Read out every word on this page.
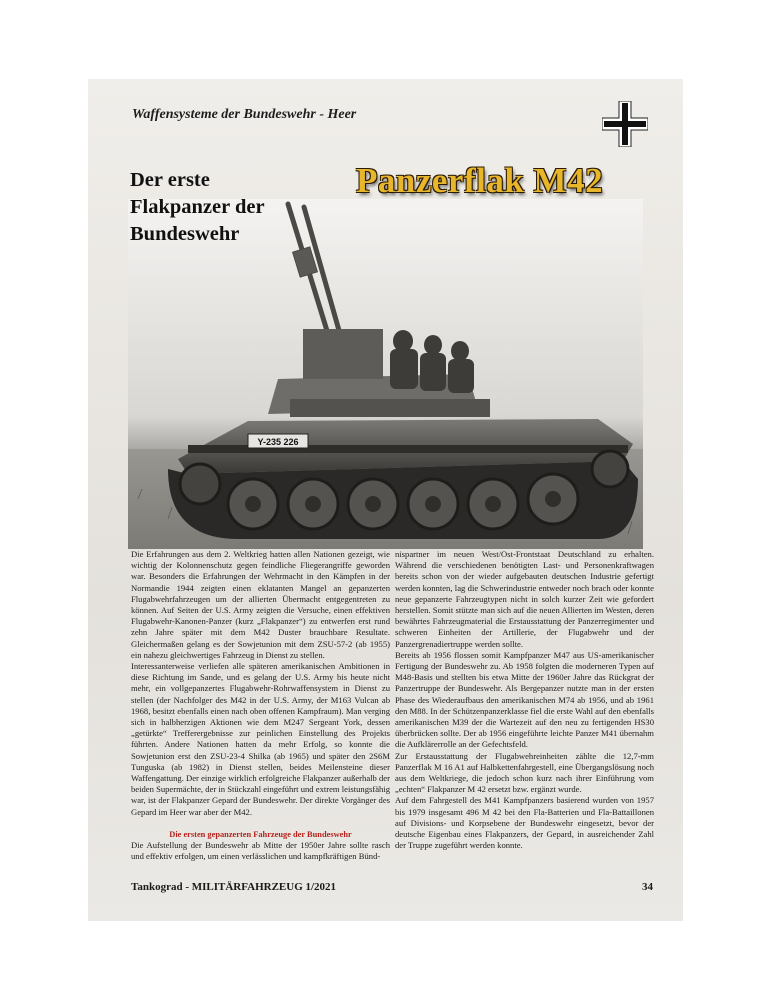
Waffensysteme der Bundeswehr - Heer
Y-235 226
Der erste
Flakpanzer der
Bundeswehr
Panzerflak M42

Die Erfahrungen aus dem 2. Weltkrieg hatten allen Nationen gezeigt, wie wichtig der Kolonnenschutz gegen feindliche Fliegerangriffe geworden war. Besonders die Erfahrungen der Wehrmacht in den Kämpfen in der Normandie 1944 zeigten einen eklatanten Mangel an gepanzerten Flugabwehrfahrzeugen um der allierten Übermacht entgegentreten zu können. Auf Seiten der U.S. Army zeigten die Versuche, einen effektiven Flugabwehr-Kanonen-Panzer (kurz „Flakpanzer“) zu entwerfen erst rund zehn Jahre später mit dem M42 Duster brauchbare Resultate. Gleichermaßen gelang es der Sowjetunion mit dem ZSU-57-2 (ab 1955) ein nahezu gleichwertiges Fahrzeug in Dienst zu stellen.

Interessanterweise verliefen alle späteren amerikanischen Ambitionen in diese Richtung im Sande, und es gelang der U.S. Army bis heute nicht mehr, ein vollgepanzertes Flugabwehr-Rohrwaffensystem in Dienst zu stellen (der Nachfolger des M42 in der U.S. Army, der M163 Vulcan ab 1968, besitzt ebenfalls einen nach oben offenen Kampfraum). Man verging sich in halbherzigen Aktionen wie dem M247 Sergeant York, dessen „getürkte“ Trefferergebnisse zur peinlichen Einstellung des Projekts führten. Andere Nationen hatten da mehr Erfolg, so konnte die Sowjetunion erst den ZSU-23-4 Shilka (ab 1965) und später den 2S6M Tunguska (ab 1982) in Dienst stellen, beides Meilensteine dieser Waffengattung. Der einzige wirklich erfolgreiche Flakpanzer außerhalb der beiden Supermächte, der in Stückzahl eingeführt und extrem leistungsfähig war, ist der Flakpanzer Gepard der Bundeswehr. Der direkte Vorgänger des Gepard im Heer war aber der M42.

Die ersten gepanzerten Fahrzeuge der Bundeswehr

Die Aufstellung der Bundeswehr ab Mitte der 1950er Jahre sollte rasch und effektiv erfolgen, um einen verlässlichen und kampfkräftigen Bünd-

nispartner im neuen West/Ost-Frontstaat Deutschland zu erhalten. Während die verschiedenen benötigten Last- und Personenkraftwagen bereits schon von der wieder aufgebauten deutschen Industrie gefertigt werden konnten, lag die Schwerindustrie entweder noch brach oder konnte neue gepanzerte Fahrzeugtypen nicht in solch kurzer Zeit wie gefordert herstellen. Somit stützte man sich auf die neuen Allierten im Westen, deren bewährtes Fahrzeugmaterial die Erstausstattung der Panzerregimenter und schweren Einheiten der Artillerie, der Flugabwehr und der Panzergrenadiertruppe werden sollte.

Bereits ab 1956 flossen somit Kampfpanzer M47 aus US-amerikanischer Fertigung der Bundeswehr zu. Ab 1958 folgten die moderneren Typen auf M48-Basis und stellten bis etwa Mitte der 1960er Jahre das Rückgrat der Panzertruppe der Bundeswehr. Als Bergepanzer nutzte man in der ersten Phase des Wiederaufbaus den amerikanischen M74 ab 1956, und ab 1961 den M88. In der Schützenpanzerklasse fiel die erste Wahl auf den ebenfalls amerikanischen M39 der die Wartezeit auf den neu zu fertigenden HS30 überbrücken sollte. Der ab 1956 eingeführte leichte Panzer M41 übernahm die Aufklärerrolle an der Gefechtsfeld.

Zur Erstausstattung der Flugabwehreinheiten zählte die 12,7-mm Panzerflak M 16 A1 auf Halbkettenfahrgestell, eine Übergangslösung noch aus dem Weltkriege, die jedoch schon kurz nach ihrer Einführung vom „echten“ Flakpanzer M 42 ersetzt bzw. ergänzt wurde.

Auf dem Fahrgestell des M41 Kampfpanzers basierend wurden von 1957 bis 1979 insgesamt 496 M 42 bei den Fla-Batterien und Fla-Battaillonen auf Divisions- und Korpsebene der Bundeswehr eingesetzt, bevor der deutsche Eigenbau eines Flakpanzers, der Gepard, in ausreichender Zahl der Truppe zugeführt werden konnte.

Tankograd - MILITÄRFAHRZEUG 1/2021	34
